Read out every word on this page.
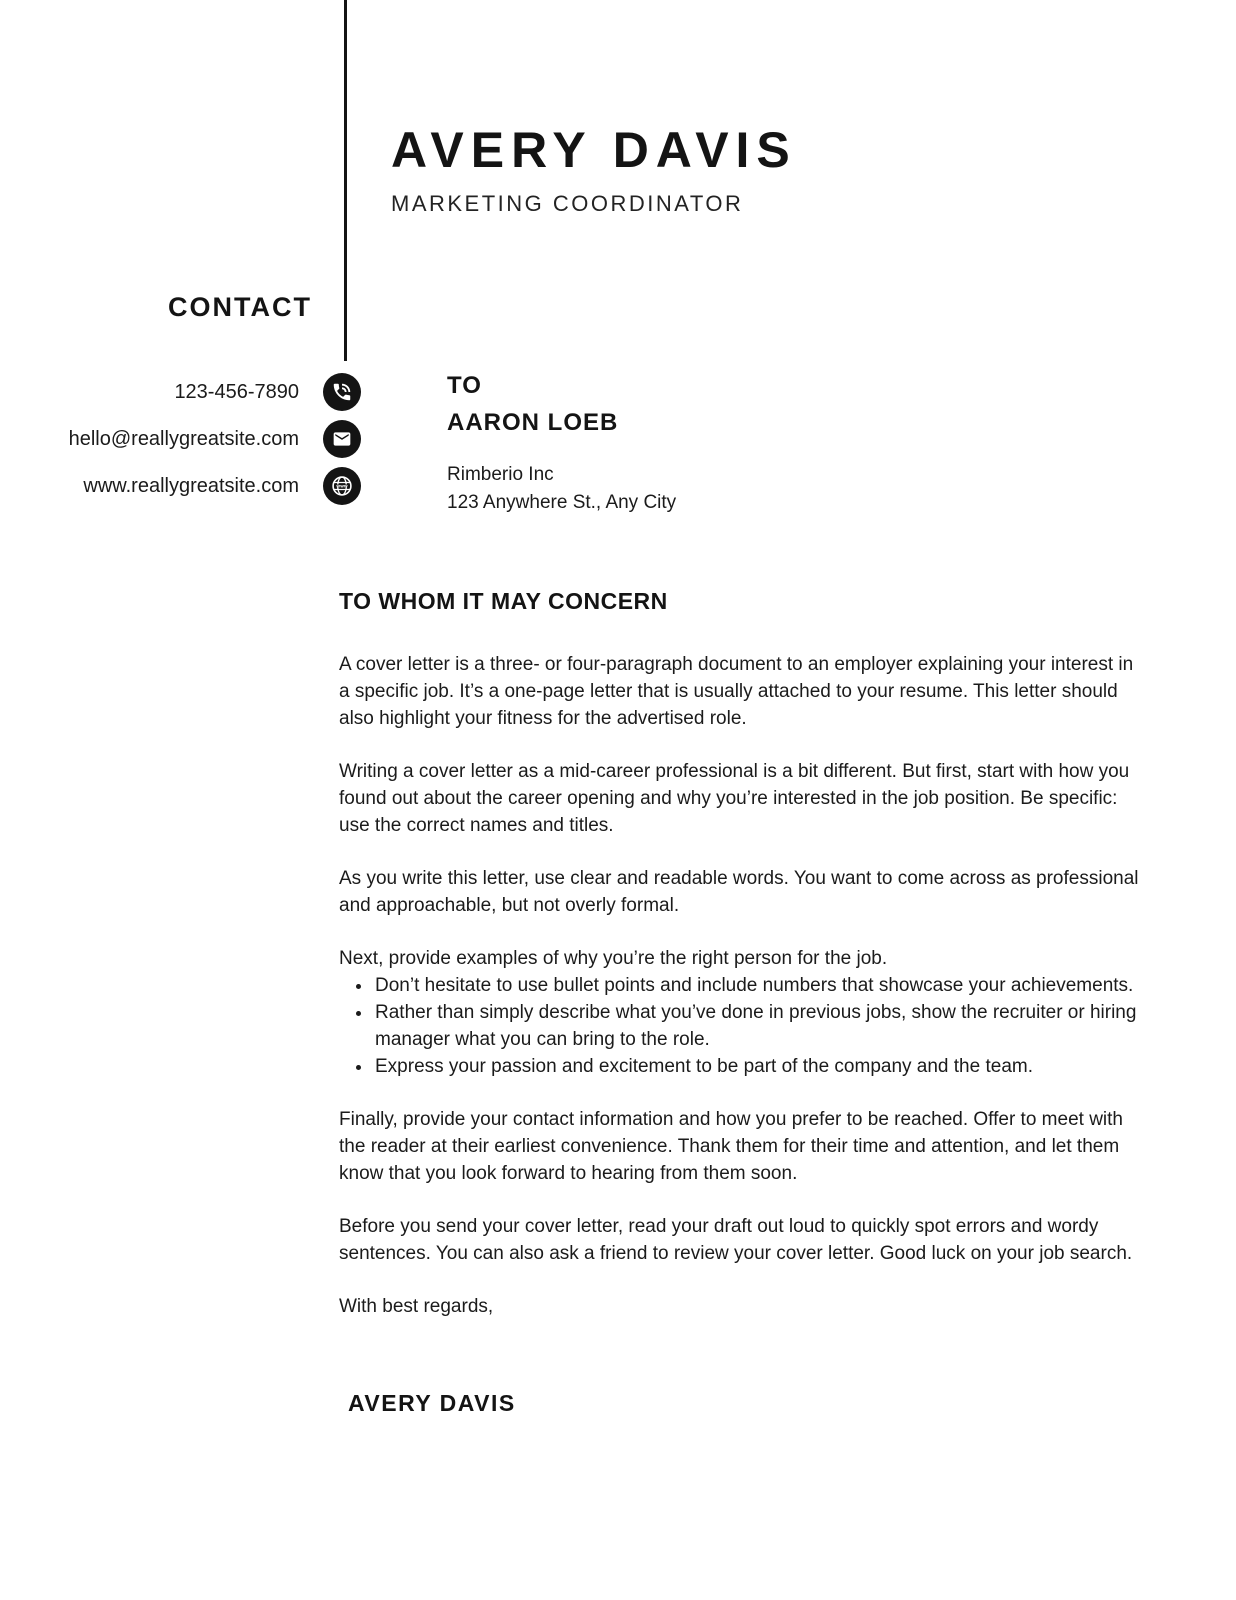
AVERY DAVIS
MARKETING COORDINATOR
CONTACT
123-456-7890
hello@reallygreatsite.com
www.reallygreatsite.com	www
TO
AARON LOEB
Rimberio Inc
123 Anywhere St., Any City
TO WHOM IT MAY CONCERN

A cover letter is a three- or four-paragraph document to an employer explaining your interest in a specific job. It’s a one-page letter that is usually attached to your resume. This letter should also highlight your fitness for the advertised role.

Writing a cover letter as a mid-career professional is a bit different. But first, start with how you found out about the career opening and why you’re interested in the job position. Be specific: use the correct names and titles.

As you write this letter, use clear and readable words. You want to come across as professional and approachable, but not overly formal.

Next, provide examples of why you’re the right person for the job.

• Don’t hesitate to use bullet points and include numbers that showcase your achievements.
• Rather than simply describe what you’ve done in previous jobs, show the recruiter or hiring manager what you can bring to the role.
• Express your passion and excitement to be part of the company and the team.

Finally, provide your contact information and how you prefer to be reached. Offer to meet with the reader at their earliest convenience. Thank them for their time and attention, and let them know that you look forward to hearing from them soon.

Before you send your cover letter, read your draft out loud to quickly spot errors and wordy sentences. You can also ask a friend to review your cover letter. Good luck on your job search.

With best regards,

AVERY DAVIS
